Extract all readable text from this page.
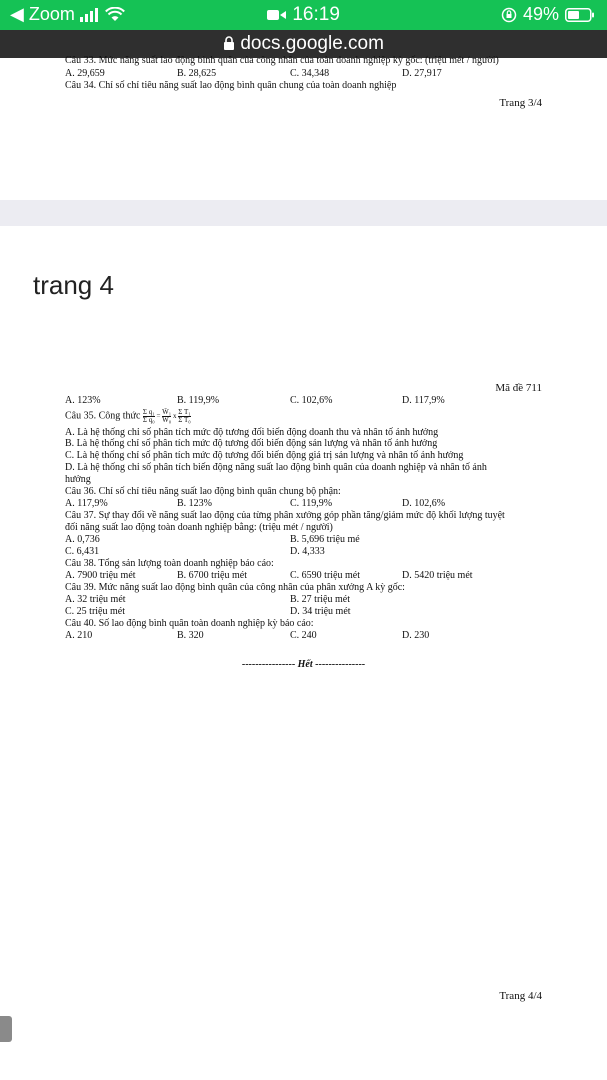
◀ Zoom	16:19	49%
docs.google.com
Câu 33. Mức năng suất lao động bình quân của công nhân của toàn doanh nghiệp kỳ gốc: (triệu mét / người)
A. 29,659	B. 28,625	C. 34,348	D. 27,917
Câu 34. Chỉ số chỉ tiêu năng suất lao động bình quân chung của toàn doanh nghiệp
Trang 3/4
trang 4
Mã đề 711
A. 123%	B. 119,9%	C. 102,6%	D. 117,9%
Câu 35. Công thức $\frac{\text{Σ q₁}}{\text{Σ q₀}} = \frac{\text{W̄₁}}{\text{W̄₀}}$ x $\frac{\text{Σ T₁}}{\text{Σ T₀}}$
A. Là hệ thống chỉ số phân tích mức độ tương đối biến động doanh thu và nhân tố ảnh hưởng
B. Là hệ thống chỉ số phân tích mức độ tương đối biến động sản lượng và nhân tố ảnh hưởng
C. Là hệ thống chỉ số phân tích mức độ tương đối biến động giá trị sản lượng và nhân tố ảnh hưởng
D. Là hệ thống chỉ số phân tích biến động năng suất lao động bình quân của doanh nghiệp và nhân tố ảnh
hưởng
Câu 36. Chỉ số chỉ tiêu năng suất lao động bình quân chung bộ phận:
A. 117,9%	B. 123%	C. 119,9%	D. 102,6%
Câu 37. Sự thay đổi về năng suất lao động của từng phân xưởng góp phần tăng/giảm mức độ khối lượng tuyệt
đối năng suất lao động toàn doanh nghiệp bằng: (triệu mét / người)
A. 0,736	B. 5,696 triệu mé
C. 6,431	D. 4,333
Câu 38. Tổng sản lượng toàn doanh nghiệp báo cáo:
A. 7900 triệu mét	B. 6700 triệu mét	C. 6590 triệu mét	D. 5420 triệu mét
Câu 39. Mức năng suất lao động bình quân của công nhân của phân xưởng A kỳ gốc:
A. 32 triệu mét	B. 27 triệu mét
C. 25 triệu mét	D. 34 triệu mét
Câu 40. Số lao động bình quân toàn doanh nghiệp kỳ báo cáo:
A. 210	B. 320	C. 240	D. 230
---------------- Hết ---------------
Trang 4/4
